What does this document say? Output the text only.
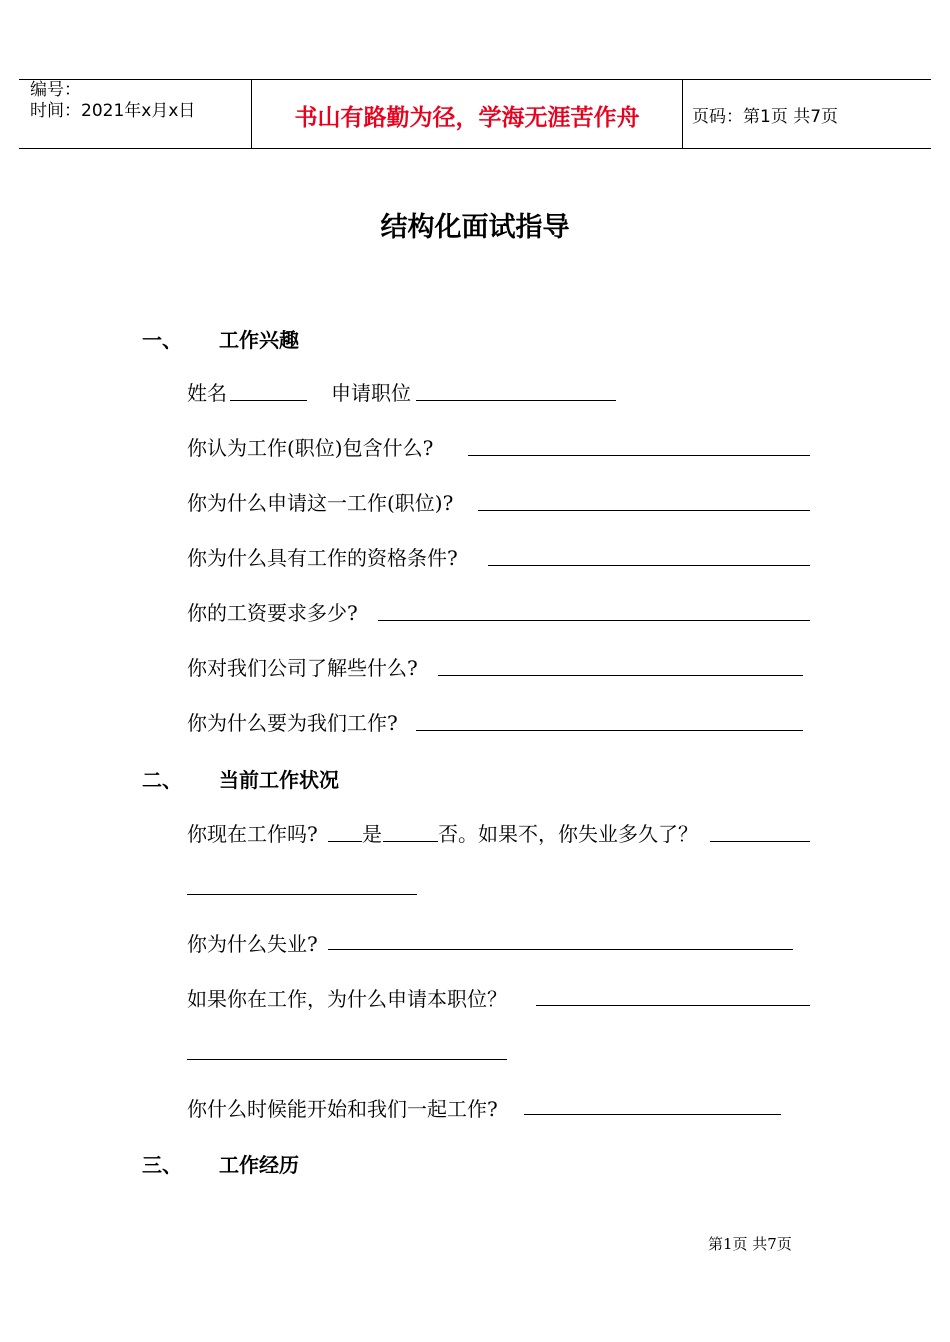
编号：
时间：2021年x月x日	书山有路勤为径，学海无涯苦作舟	页码：第1页 共7页
结构化面试指导
一、 工作兴趣
姓名	申请职位
你认为工作(职位)包含什么?
你为什么申请这一工作(职位)?
你为什么具有工作的资格条件?
你的工资要求多少?
你对我们公司了解些什么?
你为什么要为我们工作?
二、 当前工作状况
你现在工作吗? 是	否。如果不，你失业多久了？
你为什么失业?
如果你在工作，为什么申请本职位？
你什么时候能开始和我们一起工作?
三、 工作经历
第1页 共7页
